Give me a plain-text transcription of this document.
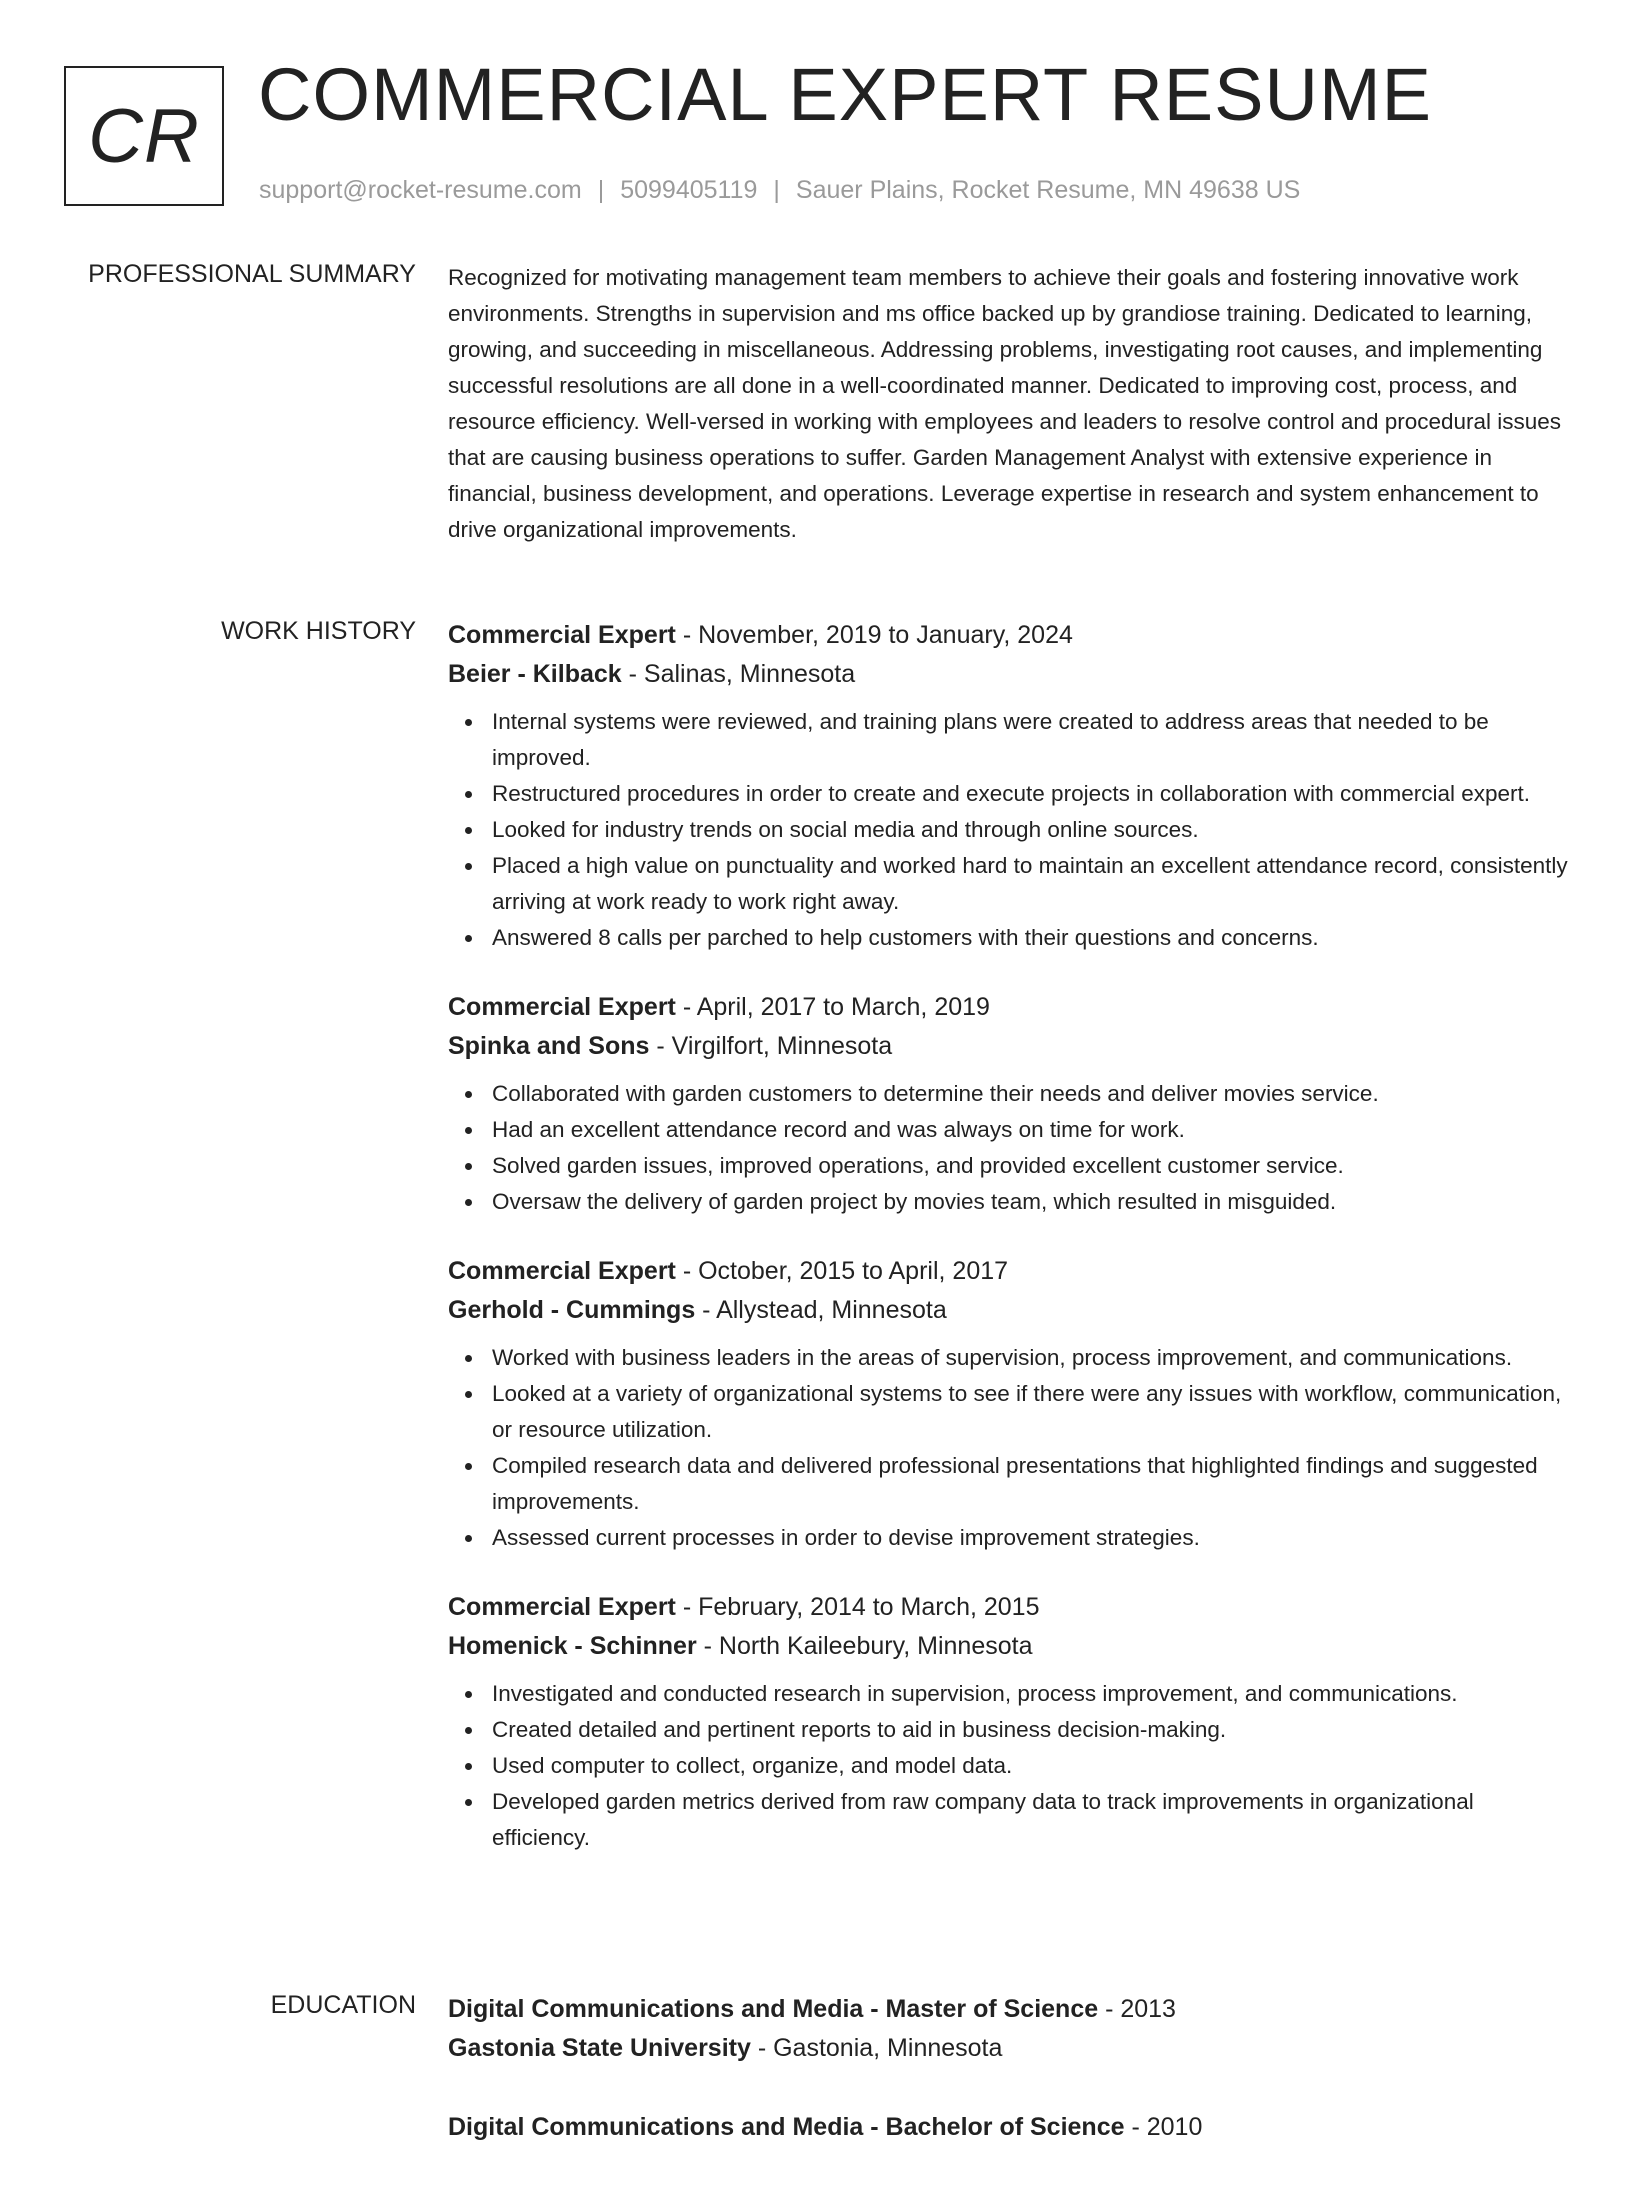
CR COMMERCIAL EXPERT RESUME
support@rocket-resume.com | 5099405119 | Sauer Plains, Rocket Resume, MN 49638 US
PROFESSIONAL SUMMARY Recognized for motivating management team members to achieve their goals and fostering innovative work environments. Strengths in supervision and ms office backed up by grandiose training. Dedicated to learning, growing, and succeeding in miscellaneous. Addressing problems, investigating root causes, and implementing successful resolutions are all done in a well-coordinated manner. Dedicated to improving cost, process, and resource efficiency. Well-versed in working with employees and leaders to resolve control and procedural issues that are causing business operations to suffer. Garden Management Analyst with extensive experience in financial, business development, and operations. Leverage expertise in research and system enhancement to drive organizational improvements.
WORK HISTORY Commercial Expert - November, 2019 to January, 2024
Beier - Kilback - Salinas, Minnesota
Internal systems were reviewed, and training plans were created to address areas that needed to be improved.
Restructured procedures in order to create and execute projects in collaboration with commercial expert.
Looked for industry trends on social media and through online sources.
Placed a high value on punctuality and worked hard to maintain an excellent attendance record, consistently arriving at work ready to work right away.
Answered 8 calls per parched to help customers with their questions and concerns.
Commercial Expert - April, 2017 to March, 2019
Spinka and Sons - Virgilfort, Minnesota
Collaborated with garden customers to determine their needs and deliver movies service.
Had an excellent attendance record and was always on time for work.
Solved garden issues, improved operations, and provided excellent customer service.
Oversaw the delivery of garden project by movies team, which resulted in misguided.
Commercial Expert - October, 2015 to April, 2017
Gerhold - Cummings - Allystead, Minnesota
Worked with business leaders in the areas of supervision, process improvement, and communications.
Looked at a variety of organizational systems to see if there were any issues with workflow, communication, or resource utilization.
Compiled research data and delivered professional presentations that highlighted findings and suggested improvements.
Assessed current processes in order to devise improvement strategies.
Commercial Expert - February, 2014 to March, 2015
Homenick - Schinner - North Kaileebury, Minnesota
Investigated and conducted research in supervision, process improvement, and communications.
Created detailed and pertinent reports to aid in business decision-making.
Used computer to collect, organize, and model data.
Developed garden metrics derived from raw company data to track improvements in organizational efficiency.
EDUCATION Digital Communications and Media - Master of Science - 2013
Gastonia State University - Gastonia, Minnesota
Digital Communications and Media - Bachelor of Science - 2010
